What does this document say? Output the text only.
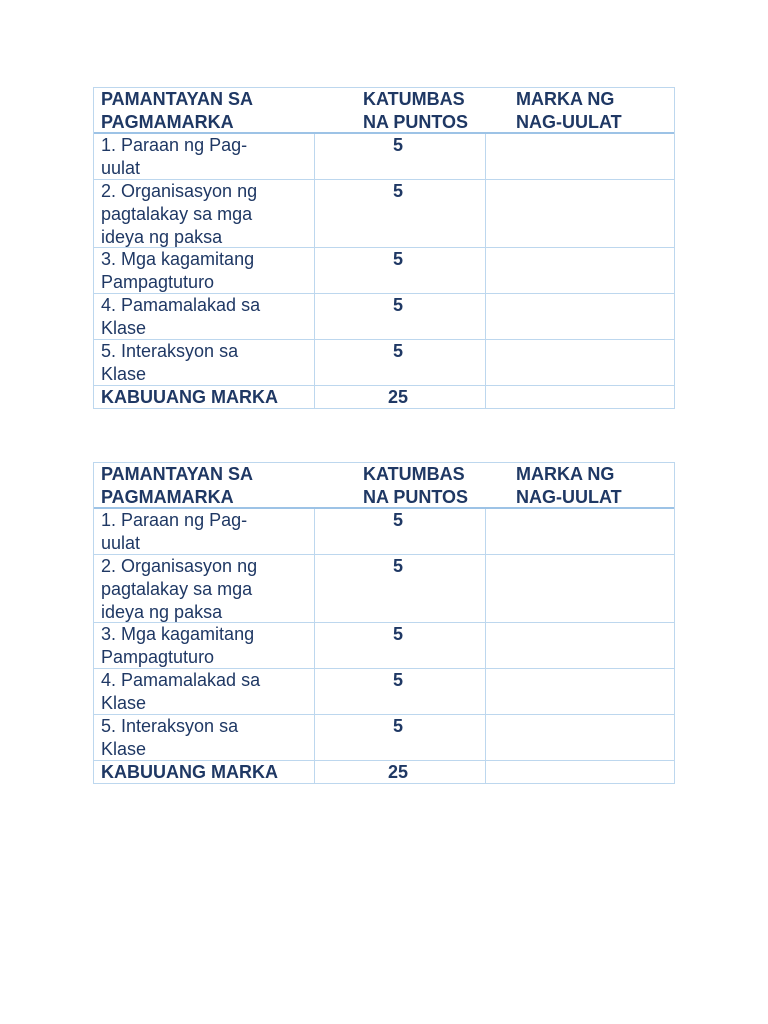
PAMANTAYAN SA
PAGMAMARKA
KATUMBAS
NA PUNTOS
MARKA NG
NAG-UULAT
1. Paraan ng Pag-
uulat
5
2. Organisasyon ng
pagtalakay sa mga
ideya ng paksa
5
3. Mga kagamitang
Pampagtuturo
5
4. Pamamalakad sa
Klase
5
5. Interaksyon sa
Klase
5
KABUUANG MARKA	25
PAMANTAYAN SA
PAGMAMARKA
KATUMBAS
NA PUNTOS
MARKA NG
NAG-UULAT
1. Paraan ng Pag-
uulat
5
2. Organisasyon ng
pagtalakay sa mga
ideya ng paksa
5
3. Mga kagamitang
Pampagtuturo
5
4. Pamamalakad sa
Klase
5
5. Interaksyon sa
Klase
5
KABUUANG MARKA	25
